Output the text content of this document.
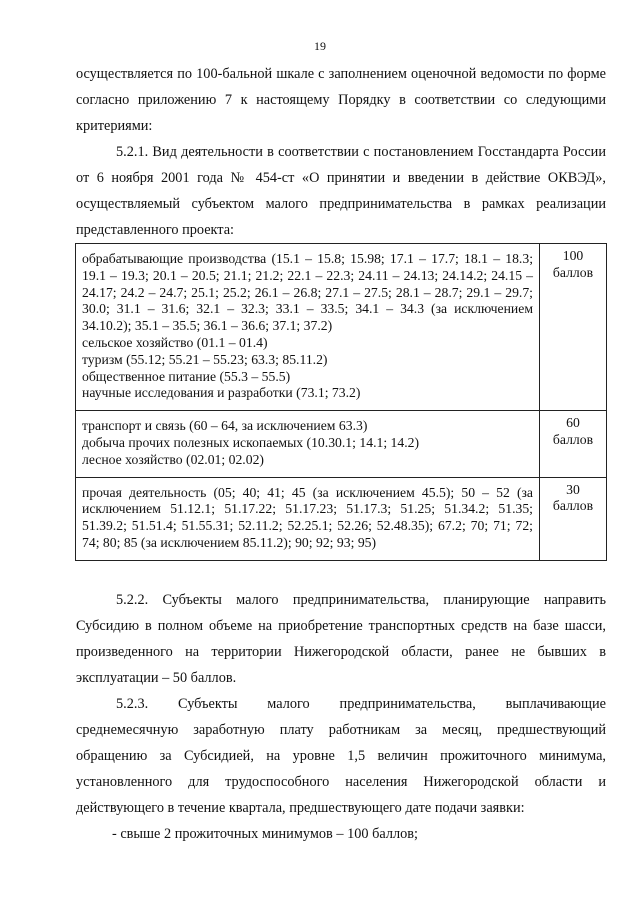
19
осуществляется по 100-бальной шкале с заполнением оценочной ведомости по форме согласно приложению 7 к настоящему Порядку в соответствии со следующими критериями:
5.2.1. Вид деятельности в соответствии с постановлением Госстандарта России от 6 ноября 2001 года № 454-ст «О принятии и введении в действие ОКВЭД», осуществляемый субъектом малого предпринимательства в рамках реализации представленного проекта:
обрабатывающие производства (15.1 – 15.8; 15.98; 17.1 – 17.7; 18.1 – 18.3; 19.1 – 19.3; 20.1 – 20.5; 21.1; 21.2; 22.1 – 22.3; 24.11 – 24.13; 24.14.2; 24.15 – 24.17; 24.2 – 24.7; 25.1; 25.2; 26.1 – 26.8; 27.1 – 27.5; 28.1 – 28.7; 29.1 – 29.7; 30.0; 31.1 – 31.6; 32.1 – 32.3; 33.1 – 33.5; 34.1 – 34.3 (за исключением 34.10.2); 35.1 – 35.5; 36.1 – 36.6; 37.1; 37.2)
сельское хозяйство (01.1 – 01.4)
туризм (55.12; 55.21 – 55.23; 63.3; 85.11.2)
общественное питание (55.3 – 55.5)
научные исследования и разработки (73.1; 73.2)	100
баллов

транспорт и связь (60 – 64, за исключением 63.3)
добыча прочих полезных ископаемых (10.30.1; 14.1; 14.2)
лесное хозяйство (02.01; 02.02)	60
баллов

прочая деятельность (05; 40; 41; 45 (за исключением 45.5); 50 – 52 (за исключением 51.12.1; 51.17.22; 51.17.23; 51.17.3; 51.25; 51.34.2; 51.35; 51.39.2; 51.51.4; 51.55.31; 52.11.2; 52.25.1; 52.26; 52.48.35); 67.2; 70; 71; 72; 74; 80; 85 (за исключением 85.11.2); 90; 92; 93; 95)	30
баллов
5.2.2. Субъекты малого предпринимательства, планирующие направить Субсидию в полном объеме на приобретение транспортных средств на базе шасси, произведенного на территории Нижегородской области, ранее не бывших в эксплуатации – 50 баллов.
5.2.3. Субъекты малого предпринимательства, выплачивающие среднемесячную заработную плату работникам за месяц, предшествующий обращению за Субсидией, на уровне 1,5 величин прожиточного минимума, установленного для трудоспособного населения Нижегородской области и действующего в течение квартала, предшествующего дате подачи заявки:
- свыше 2 прожиточных минимумов – 100 баллов;
